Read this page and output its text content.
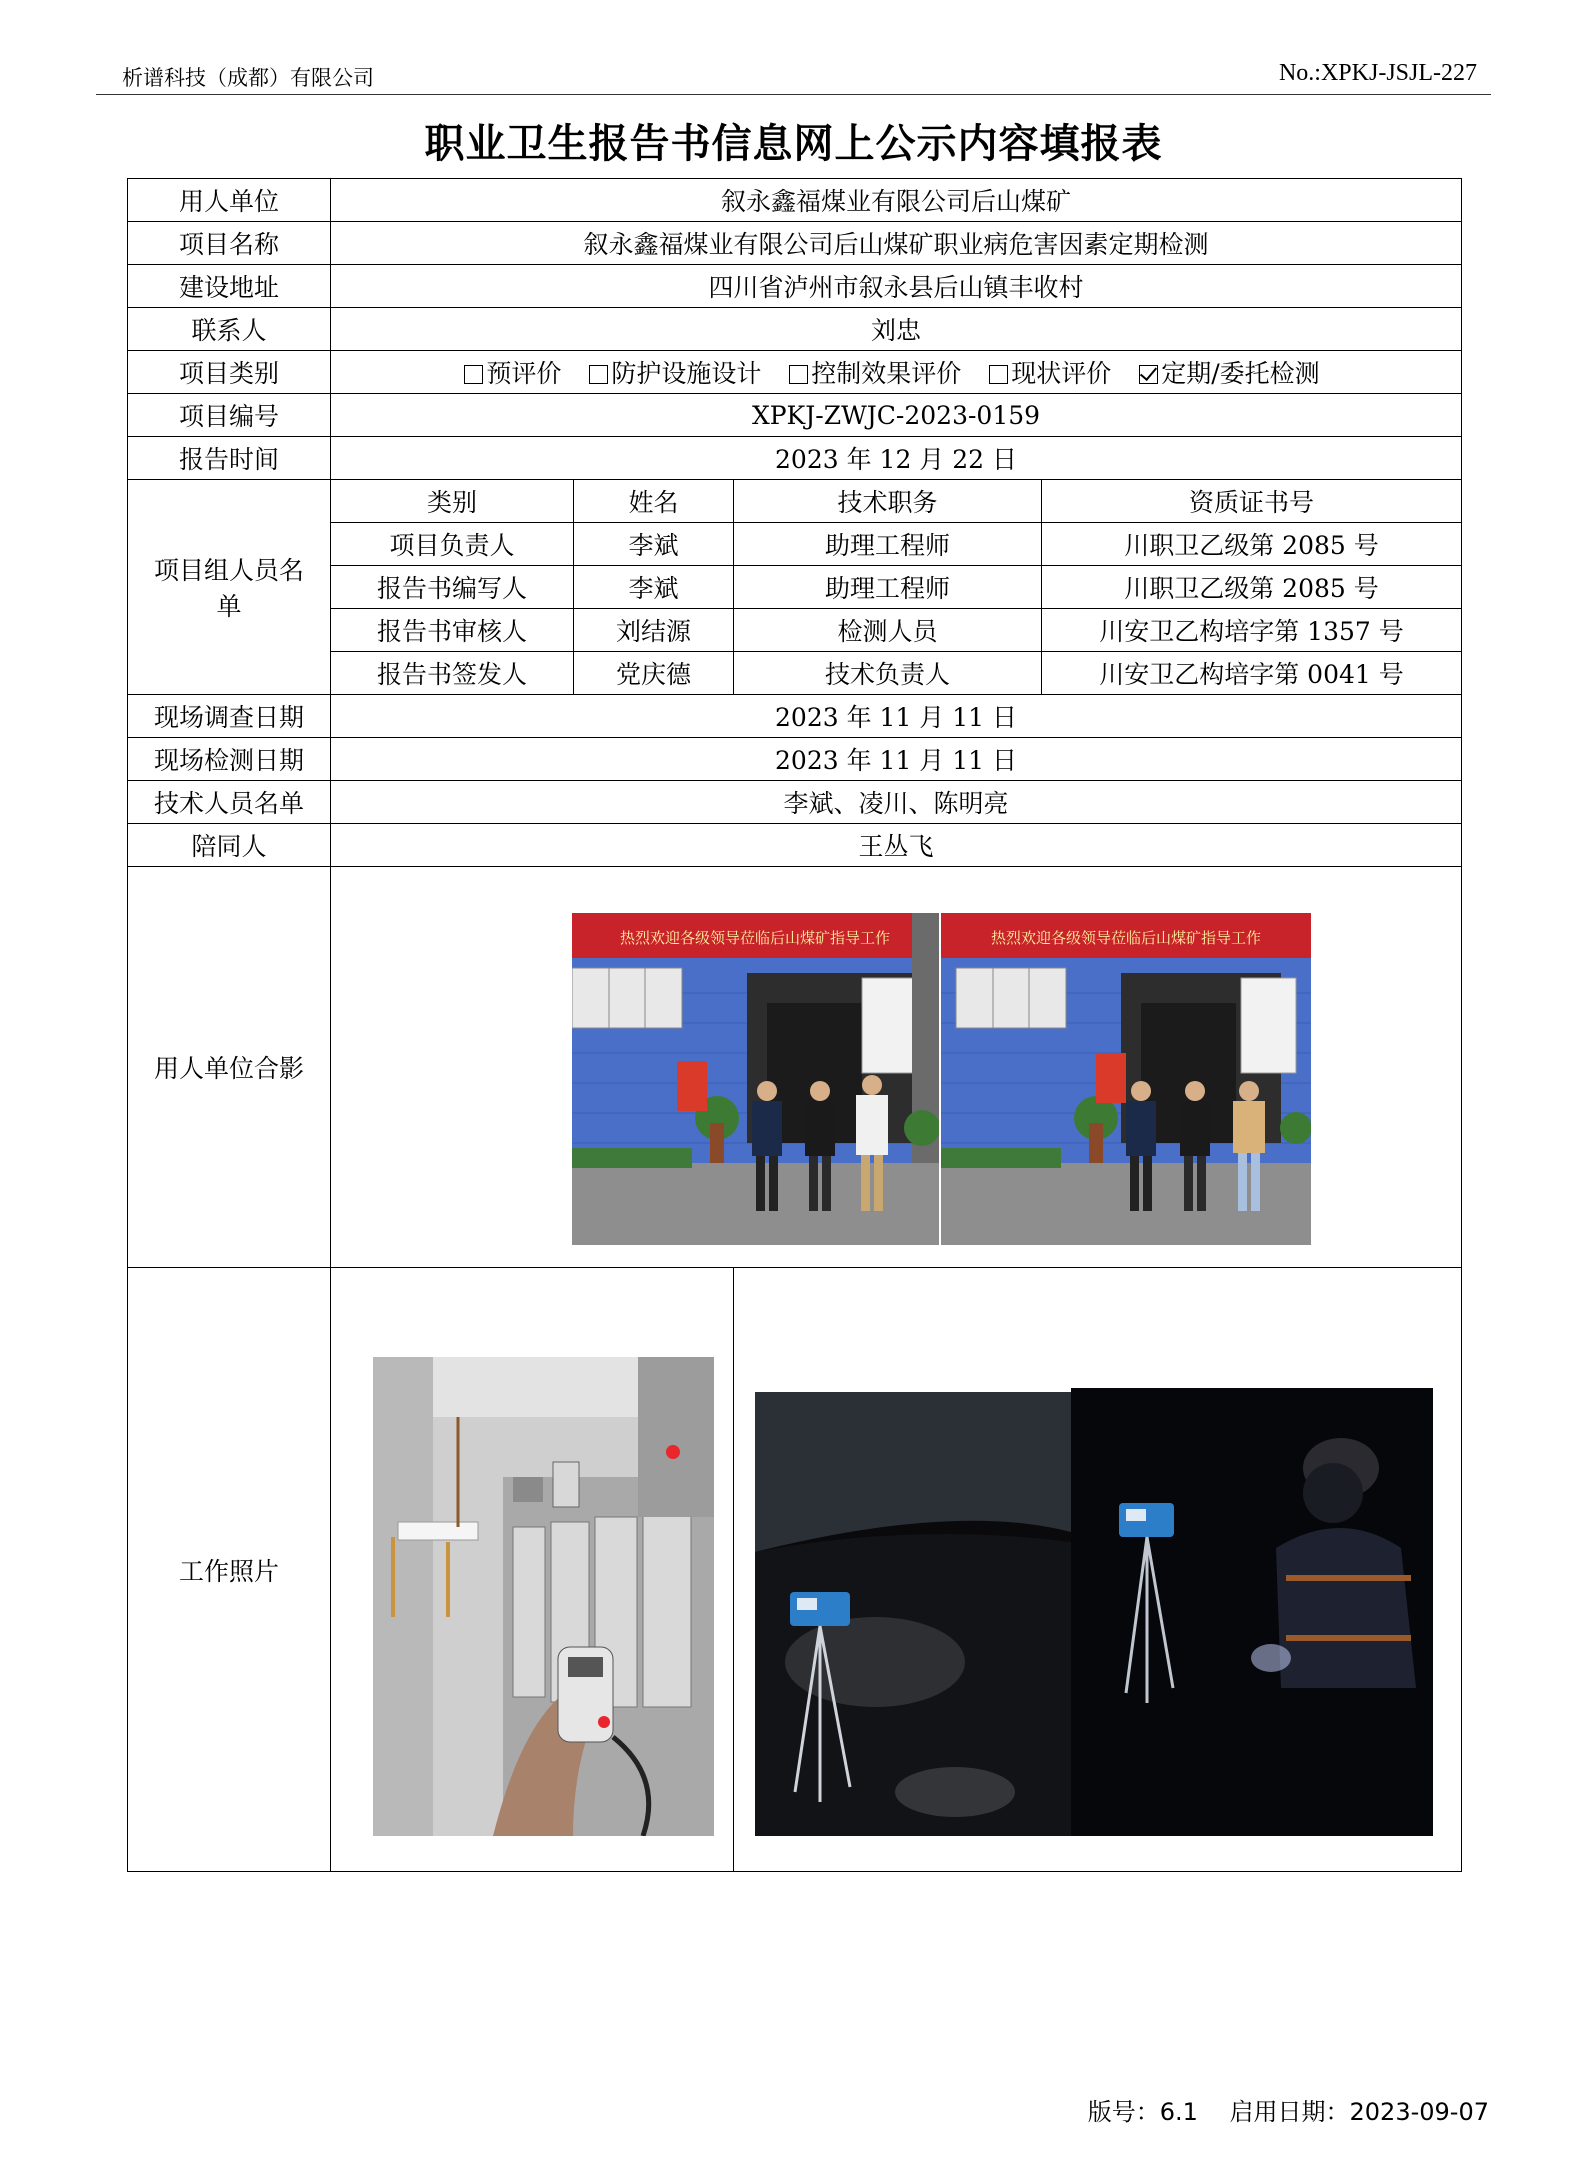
析谱科技（成都）有限公司	No.:XPKJ-JSJL-227
职业卫生报告书信息网上公示内容填报表
用人单位	叙永鑫福煤业有限公司后山煤矿			
项目名称	叙永鑫福煤业有限公司后山煤矿职业病危害因素定期检测			
建设地址	四川省泸州市叙永县后山镇丰收村			
联系人	刘忠			
项目类别	预评价 防护设施设计 控制效果评价 现状评价 定期/委托检测			
项目编号	XPKJ-ZWJC-2023-0159			
报告时间	2023 年 12 月 22 日			
项目组人员名单	类别	姓名	技术职务	资质证书号
	项目负责人	李斌	助理工程师	川职卫乙级第 2085 号
	报告书编写人	李斌	助理工程师	川职卫乙级第 2085 号
	报告书审核人	刘结源	检测人员	川安卫乙构培字第 1357 号
	报告书签发人	党庆德	技术负责人	川安卫乙构培字第 0041 号
现场调查日期	2023 年 11 月 11 日			
现场检测日期	2023 年 11 月 11 日			
技术人员名单	李斌、凌川、陈明亮			
陪同人	王丛飞			
用人单位合影				
工作照片				
热烈欢迎各级领导莅临后山煤矿指导工作	热烈欢迎各级领导莅临后山煤矿指导工作
版号：6.1 启用日期：2023-09-07
